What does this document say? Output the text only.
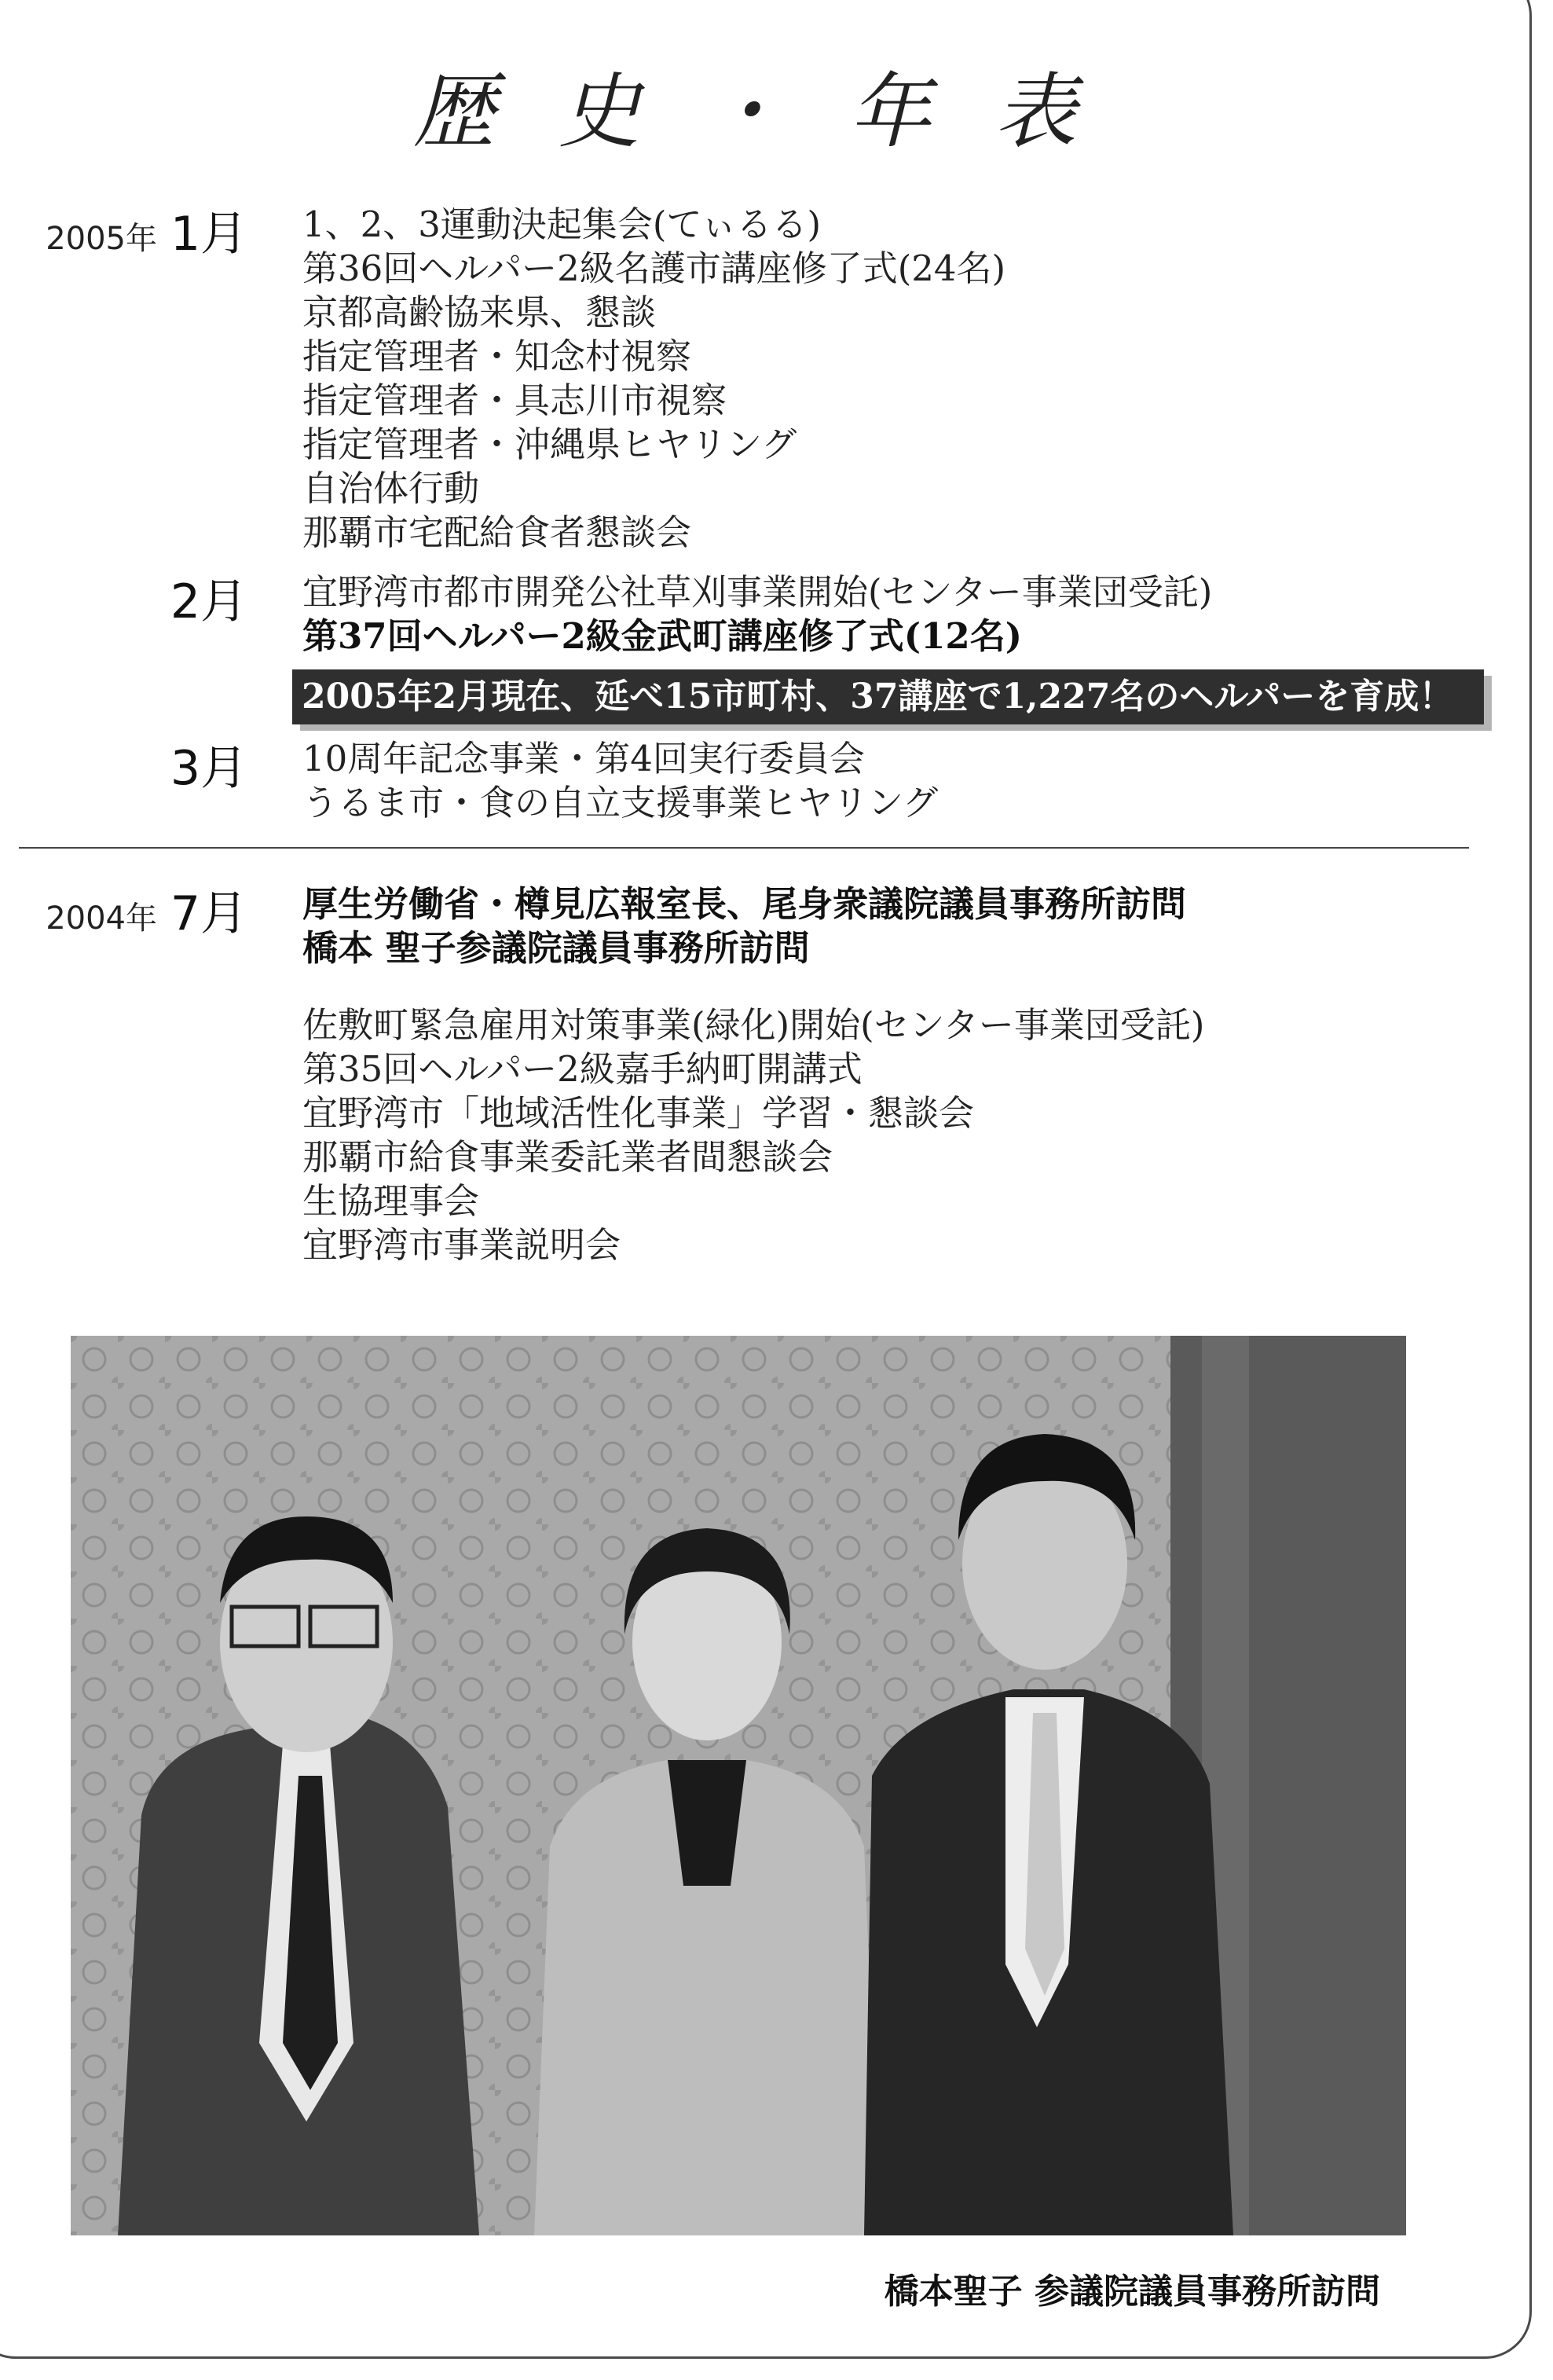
歴 史 ・ 年 表
2005年 1月 1、2、3運動決起集会(てぃるる)
第36回ヘルパー2級名護市講座修了式(24名)
京都高齢協来県、懇談
指定管理者・知念村視察
指定管理者・具志川市視察
指定管理者・沖縄県ヒヤリング
自治体行動
那覇市宅配給食者懇談会
2月 宜野湾市都市開発公社草刈事業開始(センター事業団受託)
第37回ヘルパー2級金武町講座修了式(12名)
2005年2月現在、延べ15市町村、37講座で1,227名のヘルパーを育成！
3月 10周年記念事業・第4回実行委員会
うるま市・食の自立支援事業ヒヤリング
2004年 7月 厚生労働省・樽見広報室長、尾身衆議院議員事務所訪問
橋本 聖子参議院議員事務所訪問
佐敷町緊急雇用対策事業(緑化)開始(センター事業団受託)
第35回ヘルパー2級嘉手納町開講式
宜野湾市「地域活性化事業」学習・懇談会
那覇市給食事業委託業者間懇談会
生協理事会
宜野湾市事業説明会
橋本聖子 参議院議員事務所訪問
